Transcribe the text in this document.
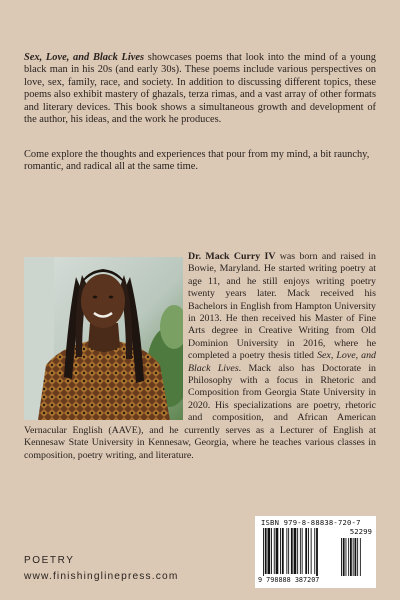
Sex, Love, and Black Lives showcases poems that look into the mind of a young black man in his 20s (and early 30s). These poems include various perspectives on love, sex, family, race, and society. In addition to discussing different topics, these poems also exhibit mastery of ghazals, terza rimas, and a vast array of other formats and literary devices. This book shows a simultaneous growth and development of the author, his ideas, and the work he produces.

Come explore the thoughts and experiences that pour from my mind, a bit raunchy, romantic, and radical all at the same time.

Dr. Mack Curry IV was born and raised in Bowie, Maryland. He started writing poetry at age 11, and he still enjoys writing poetry twenty years later. Mack received his Bachelors in English from Hampton University in 2013. He then received his Master of Fine Arts degree in Creative Writing from Old Dominion University in 2016, where he completed a poetry thesis titled Sex, Love, and Black Lives. Mack also has Doctorate in Philosophy with a focus in Rhetoric and Composition from Georgia State University in 2020. His specializations are poetry, rhetoric and composition, and African American Vernacular English (AAVE), and he currently serves as a Lecturer of English at Kennesaw State University in Kennesaw, Georgia, where he teaches various classes in composition, poetry writing, and literature.

ISBN 979-8-88838-720-7
52299
9 798888 387207
POETRY
www.finishinglinepress.com
